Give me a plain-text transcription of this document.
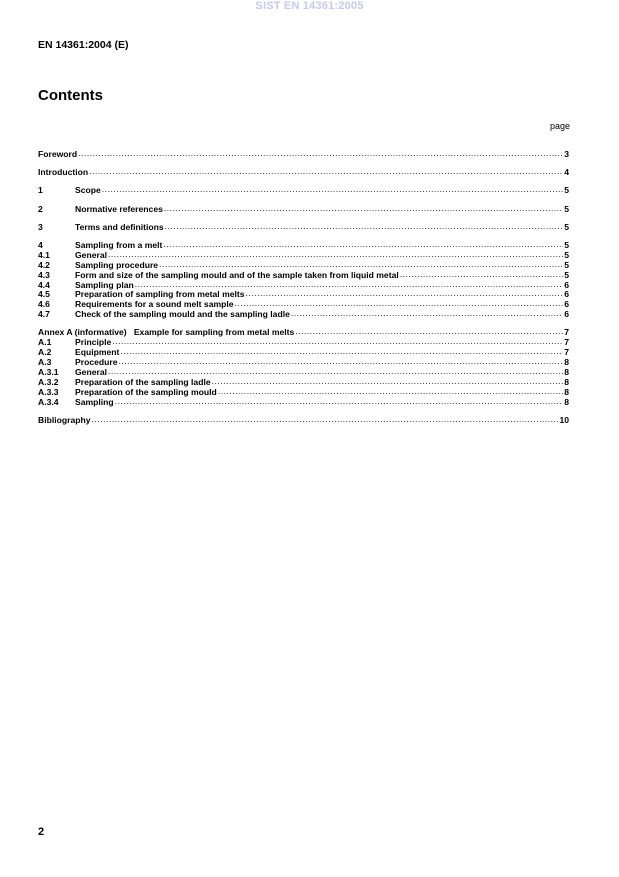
SIST EN 14361:2005
EN 14361:2004 (E)
Contents
page
Foreword .....	3
Introduction .....	4
1	Scope .....	5
2	Normative references .....	5
3	Terms and definitions .....	5
4	Sampling from a melt .....	5
4.1	General .....	5
4.2	Sampling procedure .....	5
4.3	Form and size of the sampling mould and of the sample taken from liquid metal .....	5
4.4	Sampling plan .....	6
4.5	Preparation of sampling from metal melts .....	6
4.6	Requirements for a sound melt sample .....	6
4.7	Check of the sampling mould and the sampling ladle .....	6
Annex A (informative) Example for sampling from metal melts .....	7
A.1	Principle .....	7
A.2	Equipment .....	7
A.3	Procedure .....	8
A.3.1	General .....	8
A.3.2	Preparation of the sampling ladle .....	8
A.3.3	Preparation of the sampling mould .....	8
A.3.4	Sampling .....	8
Bibliography .....	10
2
